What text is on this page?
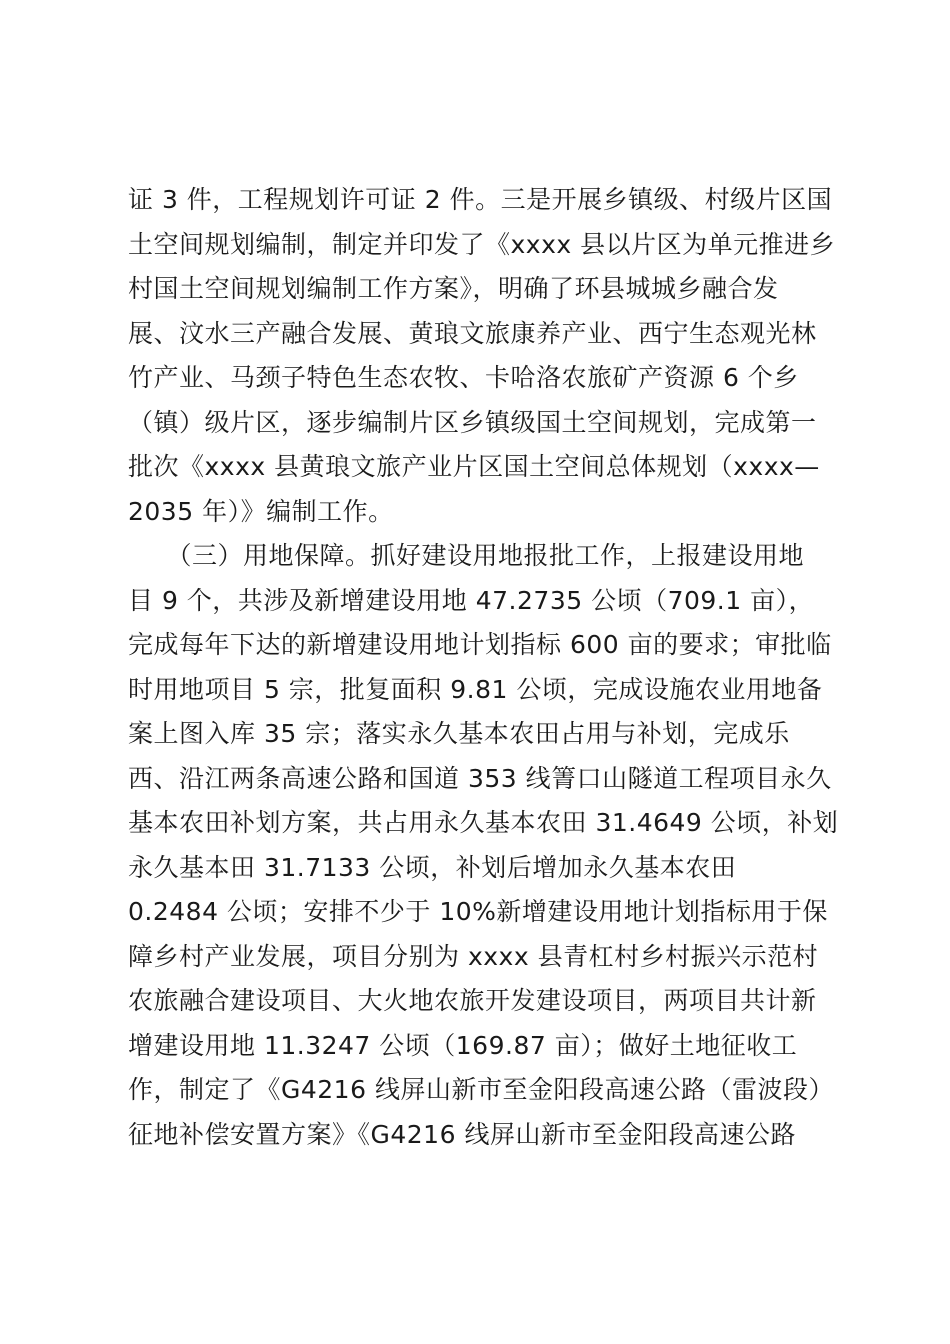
证 3 件，工程规划许可证 2 件。三是开展乡镇级、村级片区国
土空间规划编制，制定并印发了《xxxx 县以片区为单元推进乡
村国土空间规划编制工作方案》，明确了环县城城乡融合发
展、汶水三产融合发展、黄琅文旅康养产业、西宁生态观光林
竹产业、马颈子特色生态农牧、卡哈洛农旅矿产资源 6 个乡
（镇）级片区，逐步编制片区乡镇级国土空间规划，完成第一
批次《xxxx 县黄琅文旅产业片区国土空间总体规划（xxxx—
2035 年）》编制工作。
　　（三）用地保障。抓好建设用地报批工作，上报建设用地
目 9 个，共涉及新增建设用地 47.2735 公顷（709.1 亩），
完成每年下达的新增建设用地计划指标 600 亩的要求；审批临
时用地项目 5 宗，批复面积 9.81 公顷，完成设施农业用地备
案上图入库 35 宗；落实永久基本农田占用与补划，完成乐
西、沿江两条高速公路和国道 353 线箐口山隧道工程项目永久
基本农田补划方案，共占用永久基本农田 31.4649 公顷，补划
永久基本田 31.7133 公顷，补划后增加永久基本农田
0.2484 公顷；安排不少于 10%新增建设用地计划指标用于保
障乡村产业发展，项目分别为 xxxx 县青杠村乡村振兴示范村
农旅融合建设项目、大火地农旅开发建设项目，两项目共计新
增建设用地 11.3247 公顷（169.87 亩）；做好土地征收工
作，制定了《G4216 线屏山新市至金阳段高速公路（雷波段）
征地补偿安置方案》《G4216 线屏山新市至金阳段高速公路
